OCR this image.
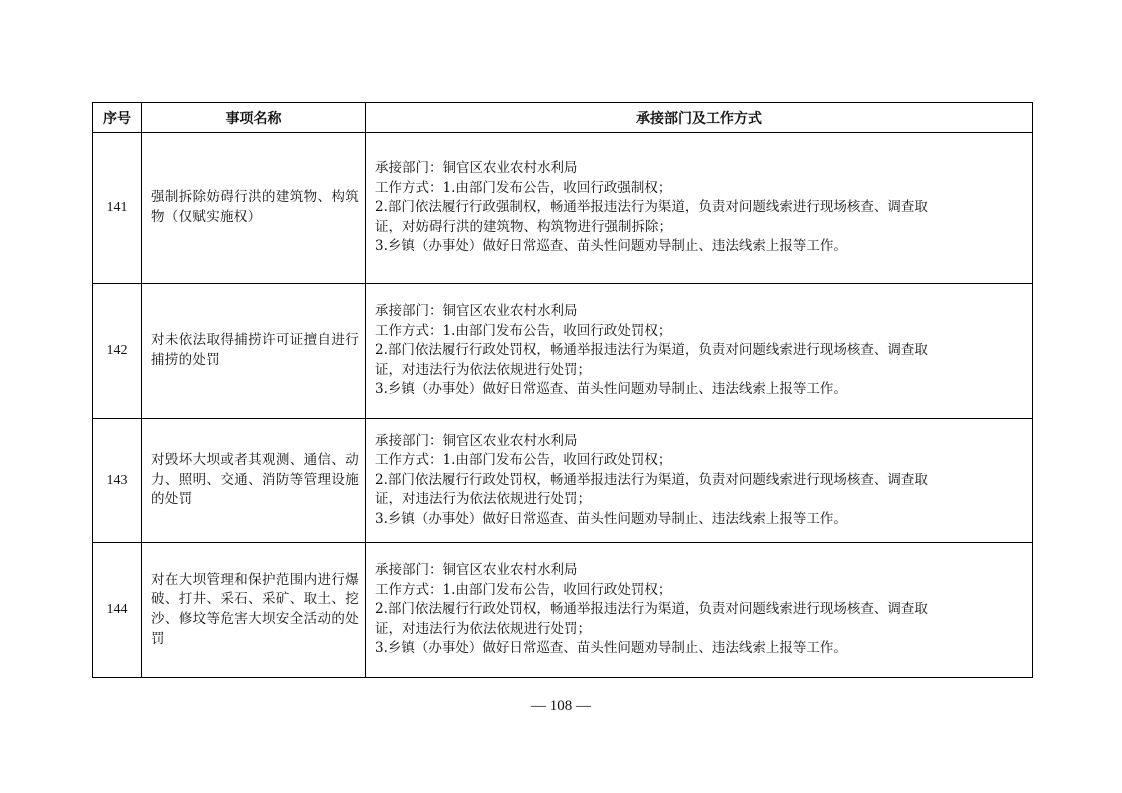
序号	事项名称	承接部门及工作方式
141	强制拆除妨碍行洪的建筑物、构筑物（仅赋实施权）	承接部门：铜官区农业农村水利局
工作方式：1.由部门发布公告，收回行政强制权；
2.部门依法履行行政强制权，畅通举报违法行为渠道，负责对问题线索进行现场核查、调查取
证，对妨碍行洪的建筑物、构筑物进行强制拆除；
3.乡镇（办事处）做好日常巡查、苗头性问题劝导制止、违法线索上报等工作。

142	对未依法取得捕捞许可证擅自进行捕捞的处罚	承接部门：铜官区农业农村水利局
工作方式：1.由部门发布公告，收回行政处罚权；
2.部门依法履行行政处罚权，畅通举报违法行为渠道，负责对问题线索进行现场核查、调查取
证，对违法行为依法依规进行处罚；
3.乡镇（办事处）做好日常巡查、苗头性问题劝导制止、违法线索上报等工作。

143	对毁坏大坝或者其观测、通信、动力、照明、交通、消防等管理设施的处罚	承接部门：铜官区农业农村水利局
工作方式：1.由部门发布公告，收回行政处罚权；
2.部门依法履行行政处罚权，畅通举报违法行为渠道，负责对问题线索进行现场核查、调查取
证，对违法行为依法依规进行处罚；
3.乡镇（办事处）做好日常巡查、苗头性问题劝导制止、违法线索上报等工作。

144	对在大坝管理和保护范围内进行爆破、打井、采石、采矿、取土、挖沙、修坟等危害大坝安全活动的处罚	承接部门：铜官区农业农村水利局
工作方式：1.由部门发布公告，收回行政处罚权；
2.部门依法履行行政处罚权，畅通举报违法行为渠道，负责对问题线索进行现场核查、调查取
证，对违法行为依法依规进行处罚；
3.乡镇（办事处）做好日常巡查、苗头性问题劝导制止、违法线索上报等工作。
— 108 —
